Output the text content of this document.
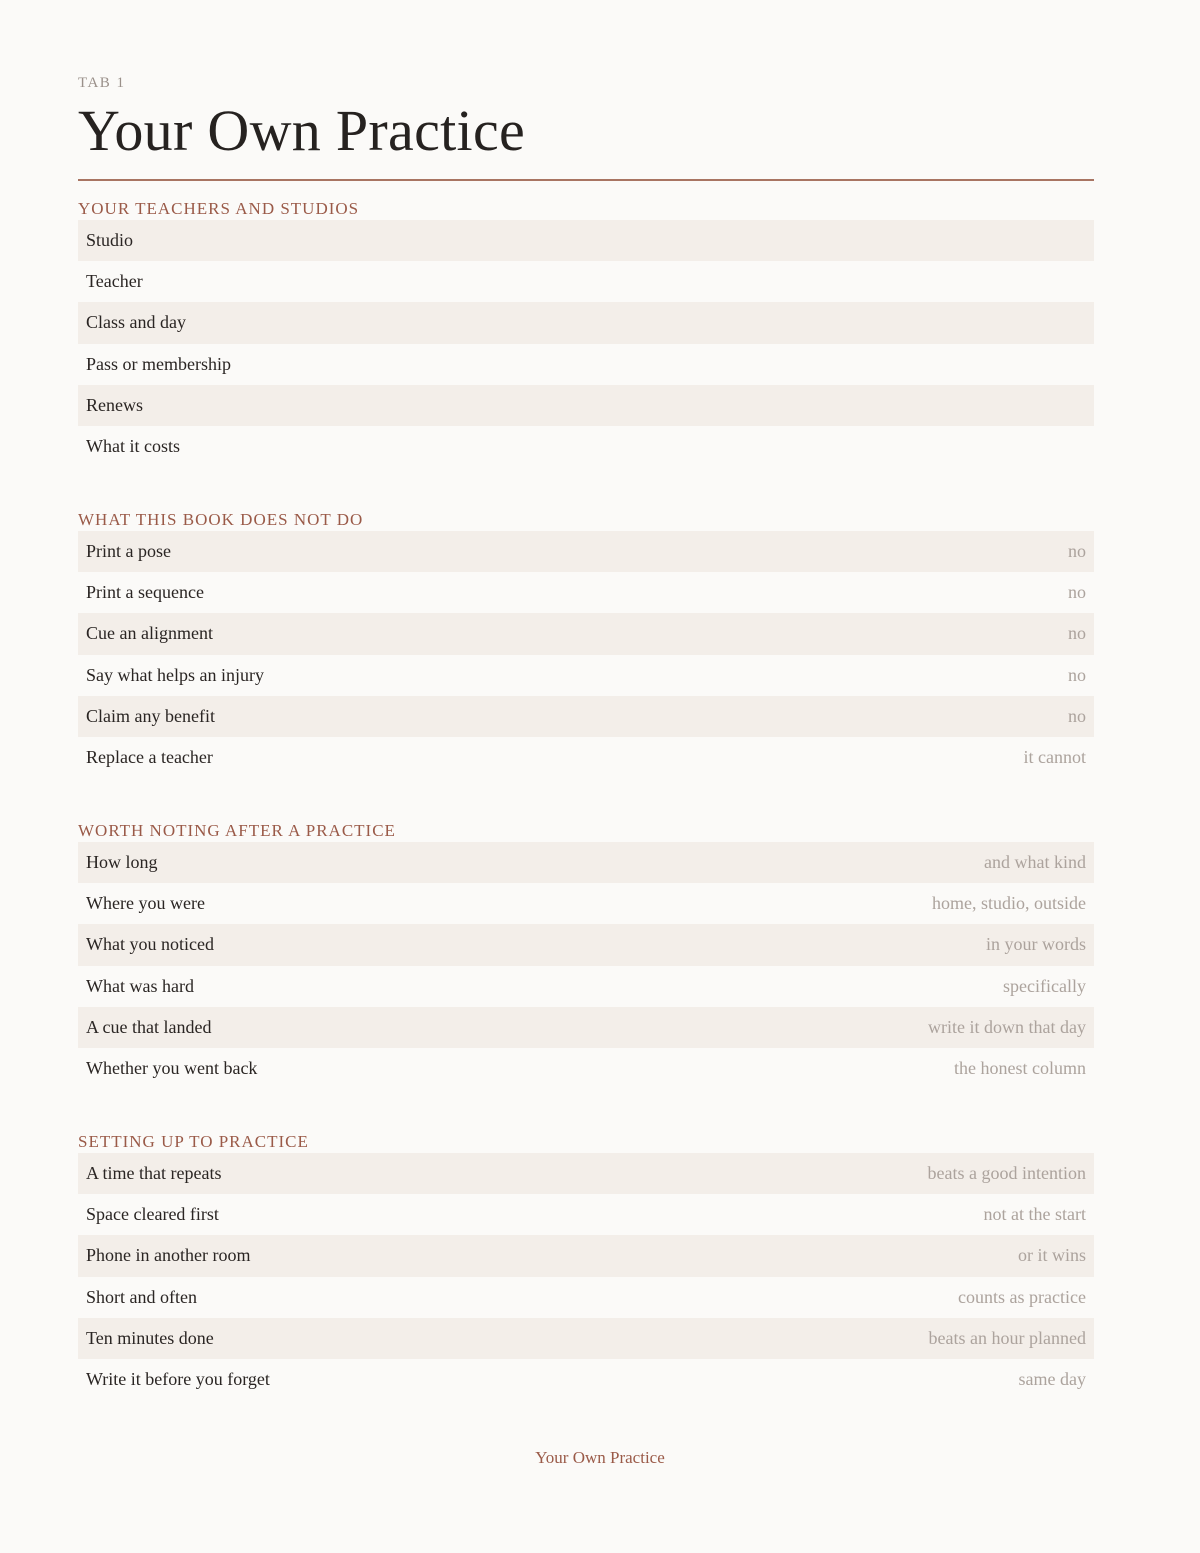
TAB 1
Your Own Practice
YOUR TEACHERS AND STUDIOS
Studio
Teacher
Class and day
Pass or membership
Renews
What it costs
WHAT THIS BOOK DOES NOT DO
Print a pose	no
Print a sequence	no
Cue an alignment	no
Say what helps an injury	no
Claim any benefit	no
Replace a teacher	it cannot
WORTH NOTING AFTER A PRACTICE
How long	and what kind
Where you were	home, studio, outside
What you noticed	in your words
What was hard	specifically
A cue that landed	write it down that day
Whether you went back	the honest column
SETTING UP TO PRACTICE
A time that repeats	beats a good intention
Space cleared first	not at the start
Phone in another room	or it wins
Short and often	counts as practice
Ten minutes done	beats an hour planned
Write it before you forget	same day
Your Own Practice
